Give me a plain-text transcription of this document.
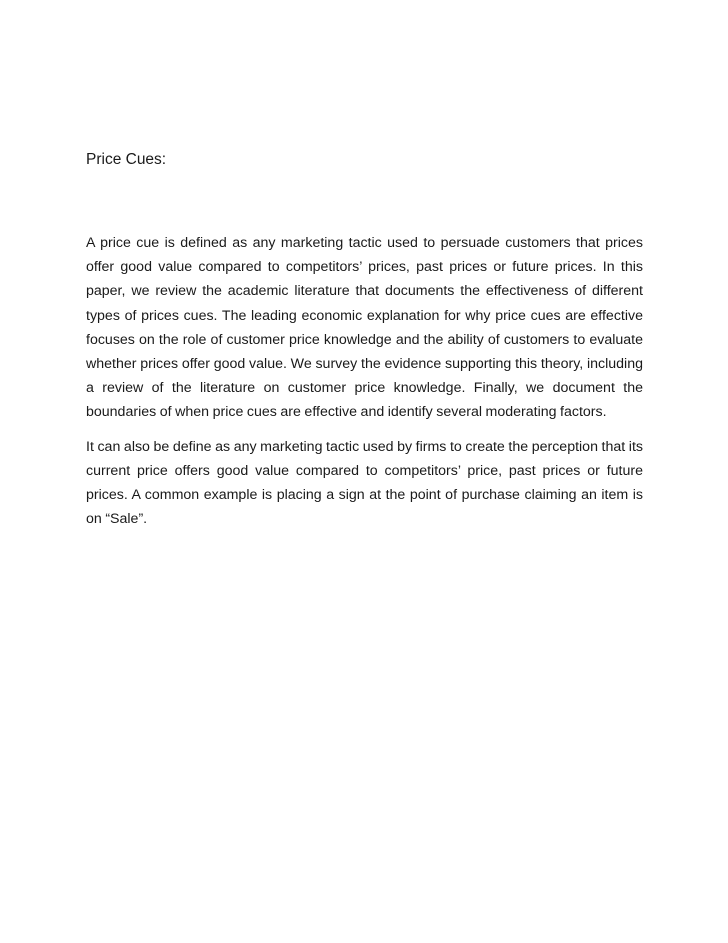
Price Cues:

A price cue is defined as any marketing tactic used to persuade customers that prices offer good value compared to competitors’ prices, past prices or future prices. In this paper, we review the academic literature that documents the effectiveness of different types of prices cues. The leading economic explanation for why price cues are effective focuses on the role of customer price knowledge and the ability of customers to evaluate whether prices offer good value. We survey the evidence supporting this theory, including a review of the literature on customer price knowledge. Finally, we document the boundaries of when price cues are effective and identify several moderating factors.

It can also be define as any marketing tactic used by firms to create the perception that its current price offers good value compared to competitors’ price, past prices or future prices. A common example is placing a sign at the point of purchase claiming an item is on “Sale”.
